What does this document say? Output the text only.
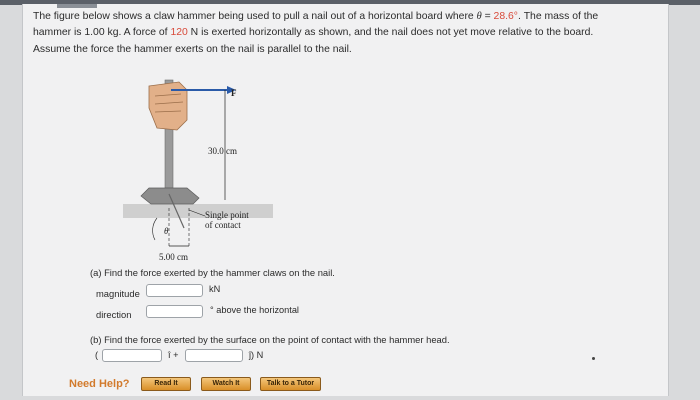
The figure below shows a claw hammer being used to pull a nail out of a horizontal board where θ = 28.6°. The mass of the
hammer is 1.00 kg. A force of 120 N is exerted horizontally as shown, and the nail does not yet move relative to the board.
Assume the force the hammer exerts on the nail is parallel to the nail.
30.0 cm
F
Single point
of contact
θ
5.00 cm
(a) Find the force exerted by the hammer claws on the nail.
magnitude	kN
direction	° above the horizontal
(b) Find the force exerted by the surface on the point of contact with the hammer head.
(	î +	ĵ) N
Need Help?	Read It	Watch It	Talk to a Tutor
